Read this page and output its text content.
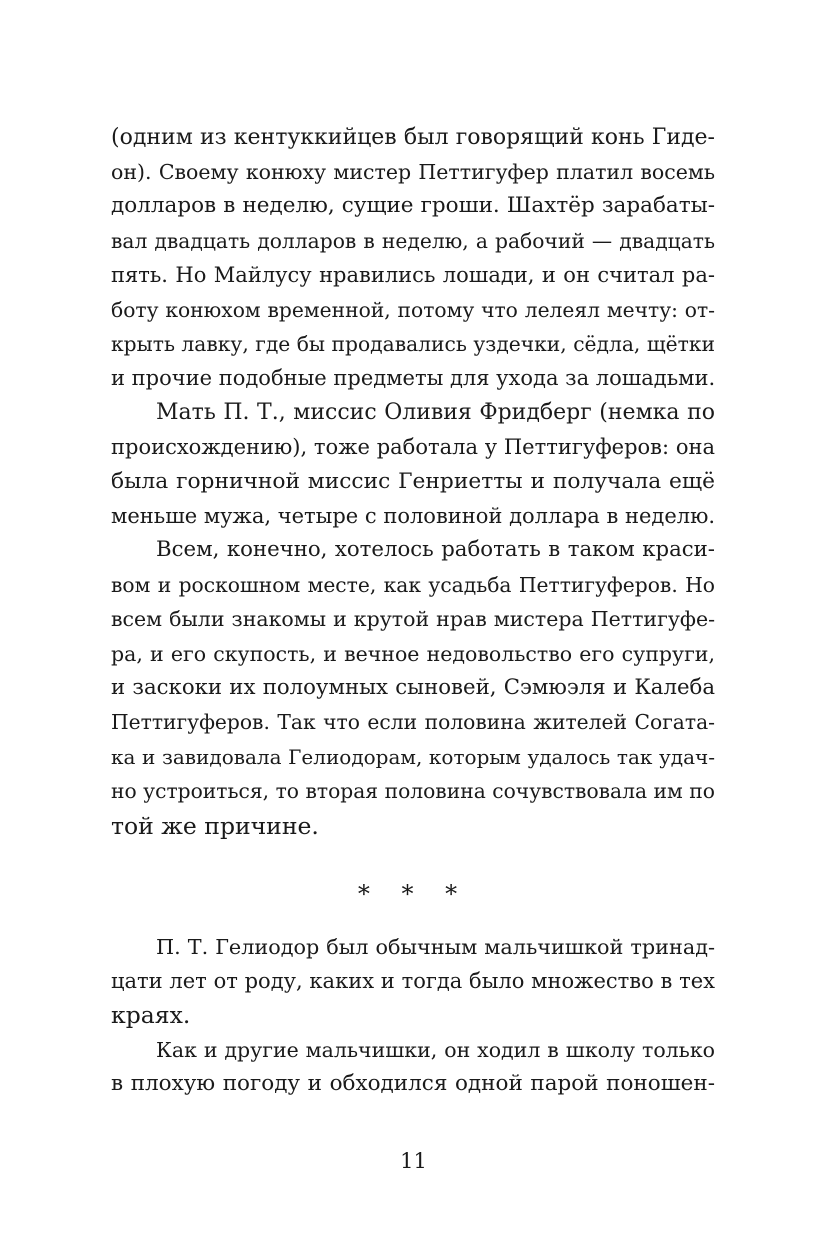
(одним из кентуккийцев был говорящий конь Гиде-
он). Своему конюху мистер Петтигуфер платил восемь
долларов в неделю, сущие гроши. Шахтёр зарабаты-
вал двадцать долларов в неделю, а рабочий — двадцать
пять. Но Майлусу нравились лошади, и он считал ра-
боту конюхом временной, потому что лелеял мечту: от-
крыть лавку, где бы продавались уздечки, сёдла, щётки
и прочие подобные предметы для ухода за лошадьми.
Мать П. Т., миссис Оливия Фридберг (немка по
происхождению), тоже работала у Петтигуферов: она
была горничной миссис Генриетты и получала ещё
меньше мужа, четыре с половиной доллара в неделю.
Всем, конечно, хотелось работать в таком краси-
вом и роскошном месте, как усадьба Петтигуферов. Но
всем были знакомы и крутой нрав мистера Петтигуфе-
ра, и его скупость, и вечное недовольство его супруги,
и заскоки их полоумных сыновей, Сэмюэля и Калеба
Петтигуферов. Так что если половина жителей Согата-
ка и завидовала Гелиодорам, которым удалось так удач-
но устроиться, то вторая половина сочувствовала им по
той же причине.
* * *
П. Т. Гелиодор был обычным мальчишкой тринад-
цати лет от роду, каких и тогда было множество в тех
краях.
Как и другие мальчишки, он ходил в школу только
в плохую погоду и обходился одной парой поношен-
11
